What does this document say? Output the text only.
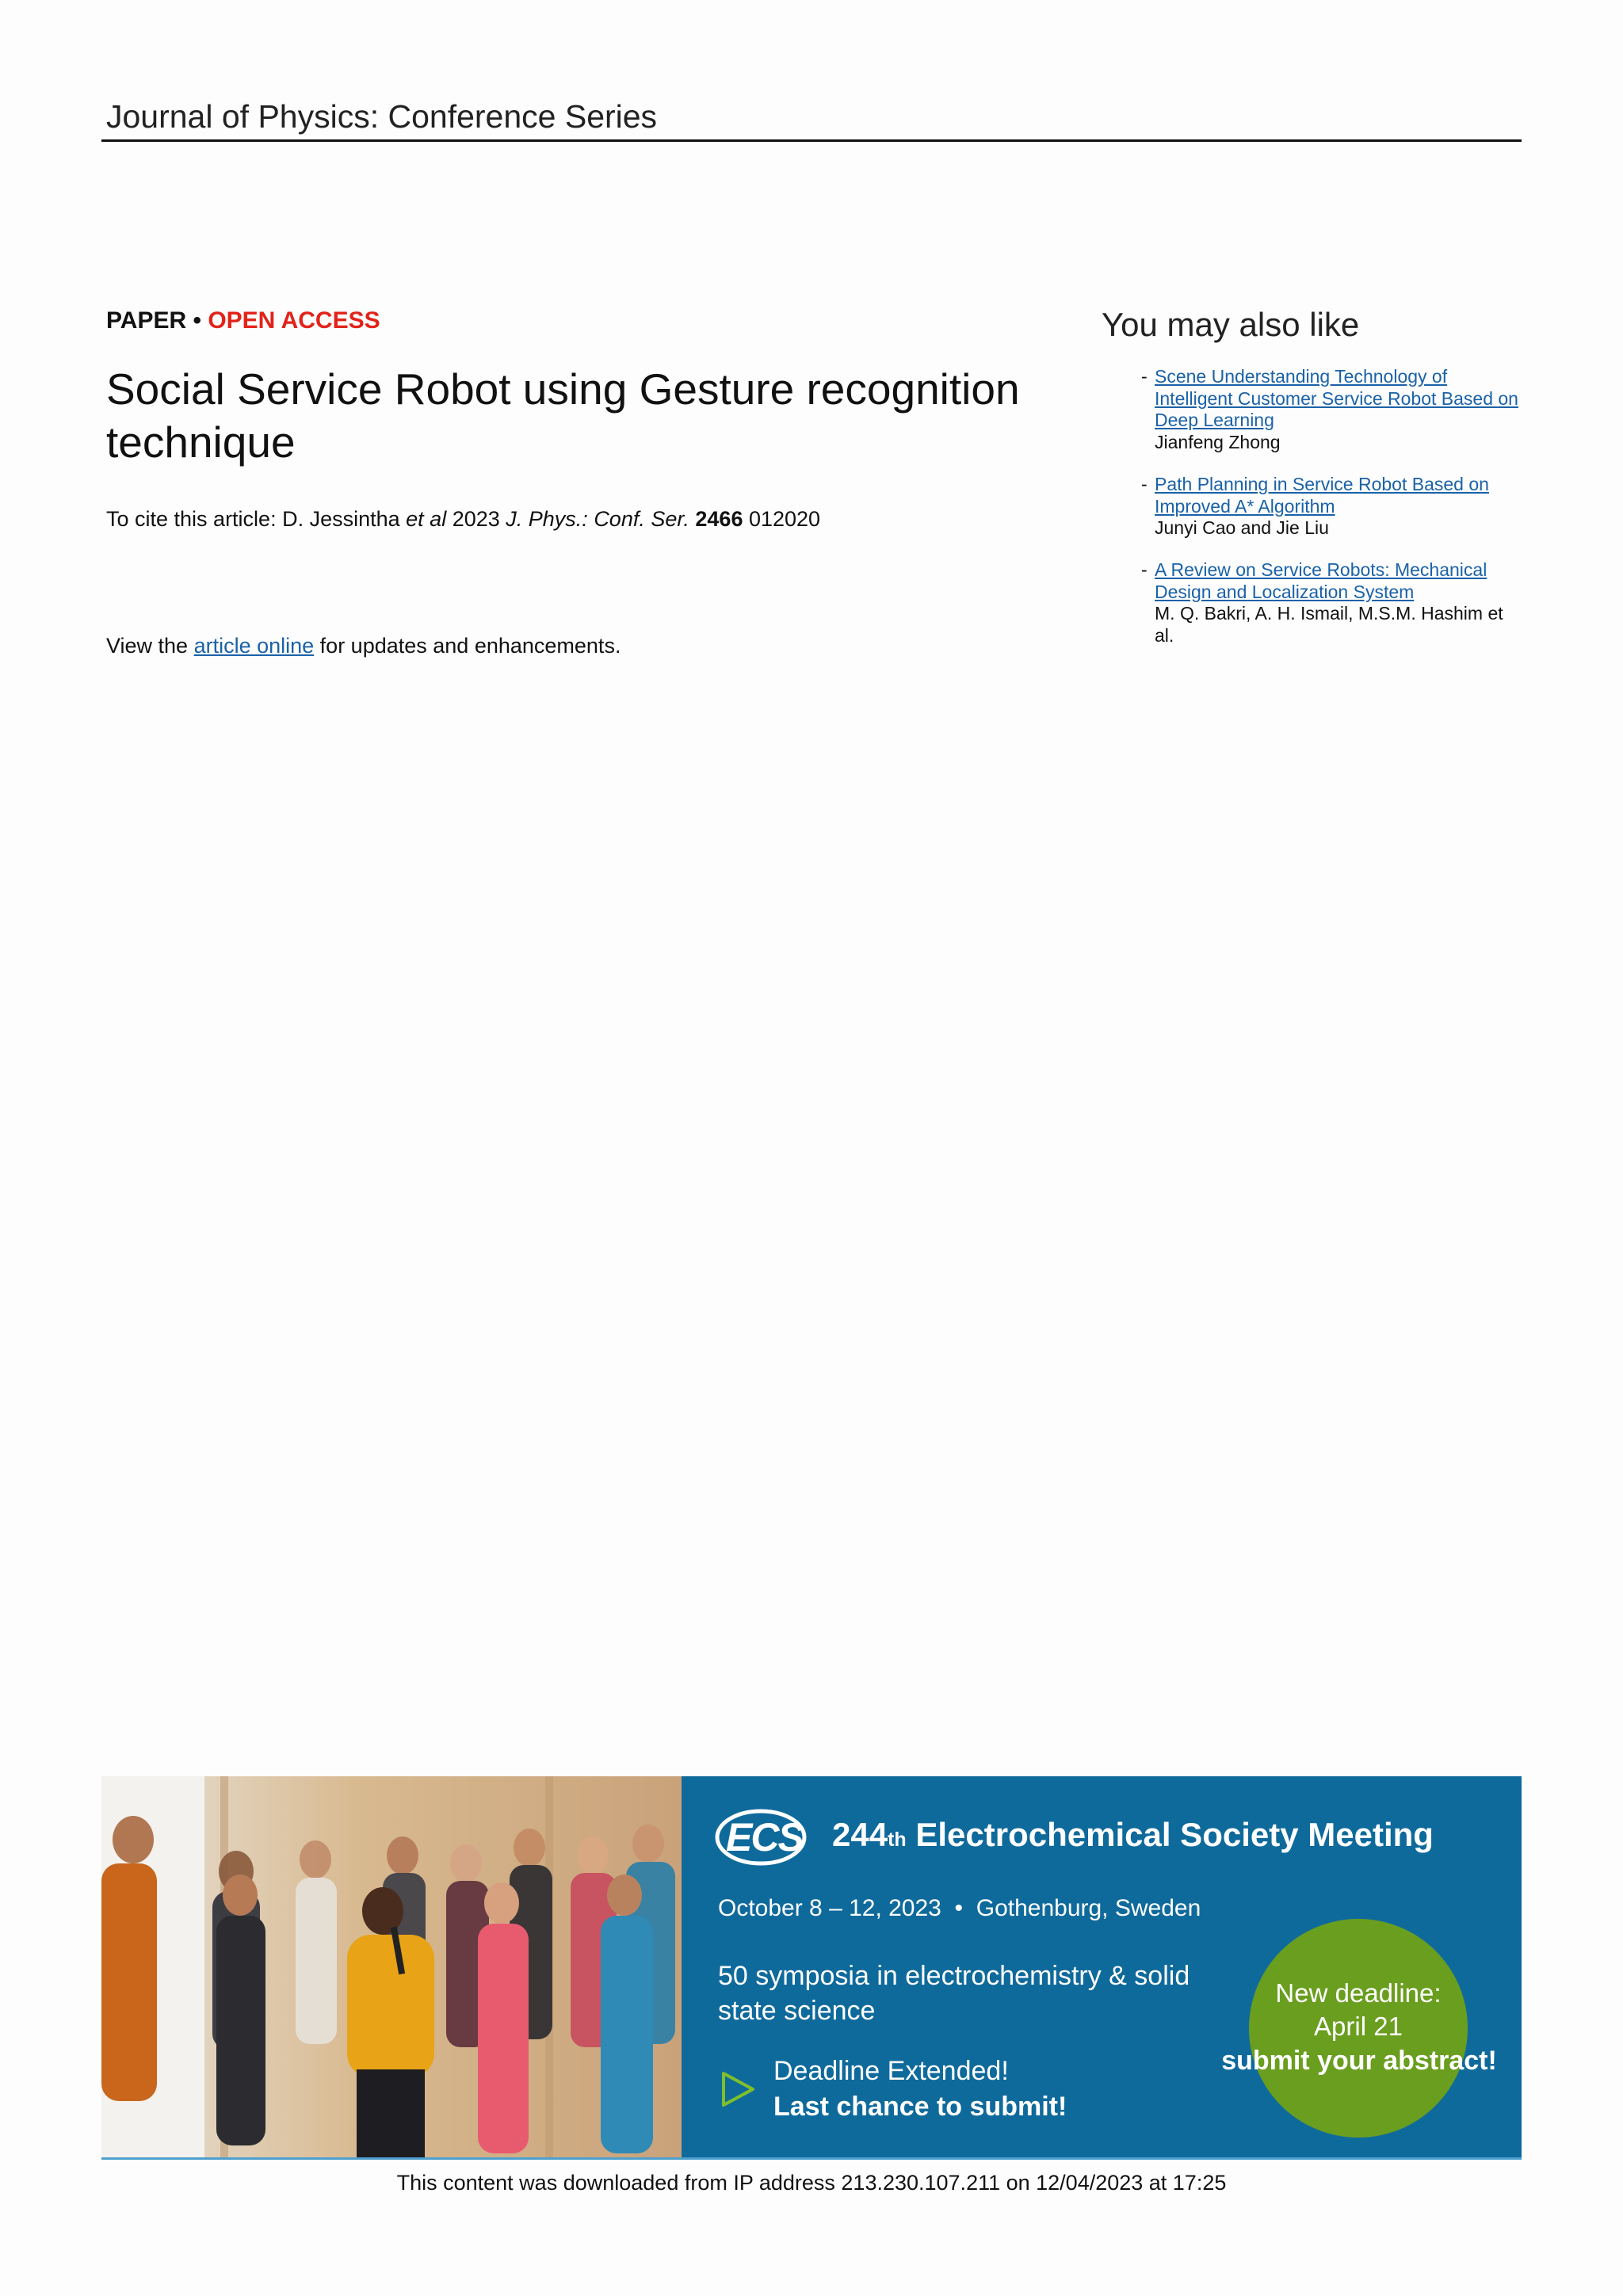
Journal of Physics: Conference Series
PAPER • OPEN ACCESS
Social Service Robot using Gesture recognition technique
To cite this article: D. Jessintha et al 2023 J. Phys.: Conf. Ser. 2466 012020
View the article online for updates and enhancements.
You may also like
- Scene Understanding Technology of Intelligent Customer Service Robot Based on Deep Learning
Jianfeng Zhong
- Path Planning in Service Robot Based on Improved A* Algorithm
Junyi Cao and Jie Liu
- A Review on Service Robots: Mechanical Design and Localization System
M. Q. Bakri, A. H. Ismail, M.S.M. Hashim et al.
ECS 244th Electrochemical Society Meeting
October 8 – 12, 2023 • Gothenburg, Sweden
50 symposia in electrochemistry & solid
state science
Deadline Extended!
Last chance to submit!
New deadline:
April 21
submit your abstract!
This content was downloaded from IP address 213.230.107.211 on 12/04/2023 at 17:25
